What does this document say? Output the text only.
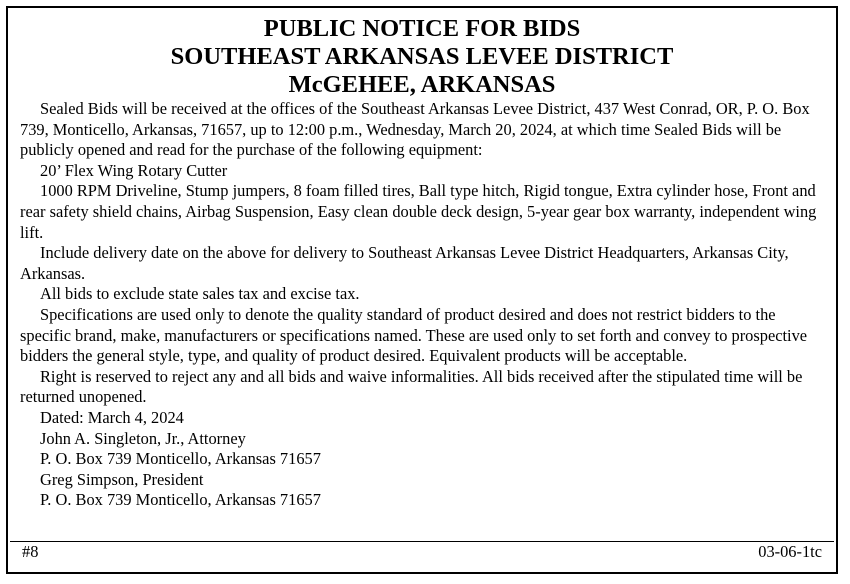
PUBLIC NOTICE FOR BIDS
SOUTHEAST ARKANSAS LEVEE DISTRICT
McGEHEE, ARKANSAS

Sealed Bids will be received at the offices of the Southeast Arkansas Levee District, 437 West Conrad, OR, P. O. Box 739, Monticello, Arkansas, 71657, up to 12:00 p.m., Wednesday, March 20, 2024, at which time Sealed Bids will be publicly opened and read for the purchase of the following equipment:

20’ Flex Wing Rotary Cutter

1000 RPM Driveline, Stump jumpers, 8 foam filled tires, Ball type hitch, Rigid tongue, Extra cylinder hose, Front and rear safety shield chains, Airbag Suspension, Easy clean double deck design, 5-year gear box warranty, independent wing lift.

Include delivery date on the above for delivery to Southeast Arkansas Levee District Headquarters, Arkansas City, Arkansas.

All bids to exclude state sales tax and excise tax.

Specifications are used only to denote the quality standard of product desired and does not restrict bidders to the specific brand, make, manufacturers or specifications named. These are used only to set forth and convey to prospective bidders the general style, type, and quality of product desired. Equivalent products will be acceptable.

Right is reserved to reject any and all bids and waive informalities. All bids received after the stipulated time will be returned unopened.

Dated: March 4, 2024

John A. Singleton, Jr., Attorney

P. O. Box 739 Monticello, Arkansas 71657

Greg Simpson, President

P. O. Box 739 Monticello, Arkansas 71657

#8	03-06-1tc
